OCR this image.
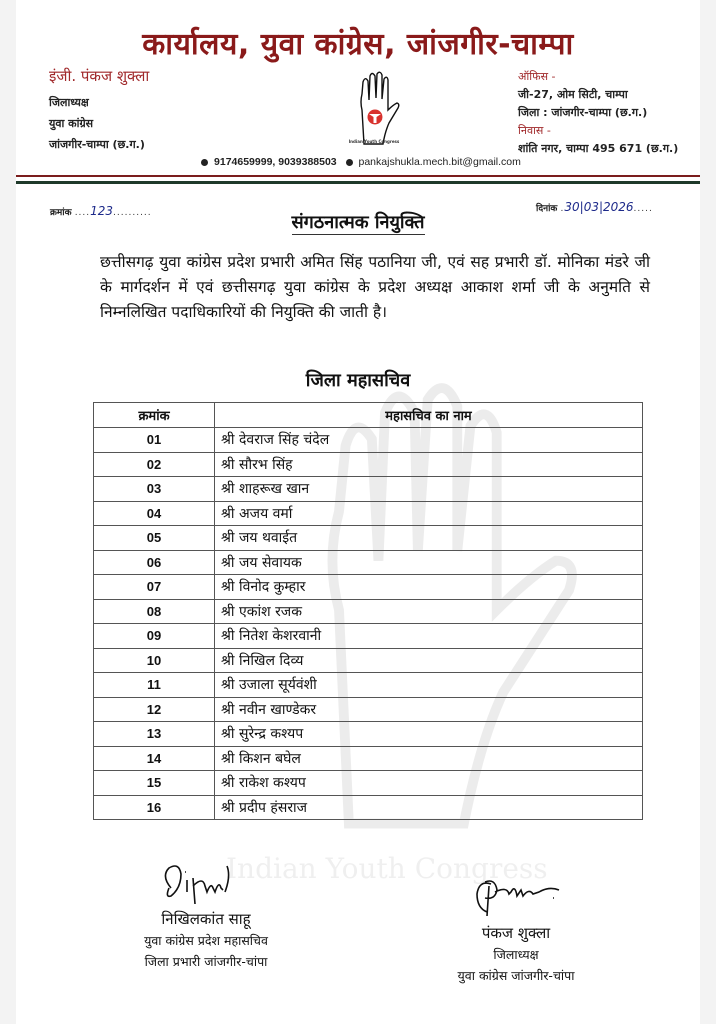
Indian Youth Congress
कार्यालय, युवा कांग्रेस, जांजगीर-चाम्पा
इंजी. पंकज शुक्ला
जिलाध्यक्ष
युवा कांग्रेस
जांजगीर-चाम्पा (छ.ग.)	Indian Youth Congress
ऑफिस -
जी-27, ओम सिटी, चाम्पा
जिला : जांजगीर-चाम्पा (छ.ग.)
निवास -
शांति नगर, चाम्पा 495 671 (छ.ग.)
9174659999, 9039388503 pankajshukla.mech.bit@gmail.com
क्रमांक ....123..........	दिनांक .30|03|2026.....
संगठनात्मक नियुक्ति
छत्तीसगढ़ युवा कांग्रेस प्रदेश प्रभारी अमित सिंह पठानिया जी, एवं सह प्रभारी डॉ. मोनिका मंडरे जी के मार्गदर्शन में एवं छत्तीसगढ़ युवा कांग्रेस के प्रदेश अध्यक्ष आकाश शर्मा जी के अनुमति से निम्नलिखित पदाधिकारियों की नियुक्ति की जाती है।
जिला महासचिव
क्रमांक	महासचिव का नाम
01	श्री देवराज सिंह चंदेल
02	श्री सौरभ सिंह
03	श्री शाहरूख खान
04	श्री अजय वर्मा
05	श्री जय थवाईत
06	श्री जय सेवायक
07	श्री विनोद कुम्हार
08	श्री एकांश रजक
09	श्री नितेश केशरवानी
10	श्री निखिल दिव्य
11	श्री उजाला सूर्यवंशी
12	श्री नवीन खाण्डेकर
13	श्री सुरेन्द्र कश्यप
14	श्री किशन बघेल
15	श्री राकेश कश्यप
16	श्री प्रदीप हंसराज
निखिलकांत साहू
युवा कांग्रेस प्रदेश महासचिव
जिला प्रभारी जांजगीर-चांपा
पंकज शुक्ला
जिलाध्यक्ष
युवा कांग्रेस जांजगीर-चांपा
